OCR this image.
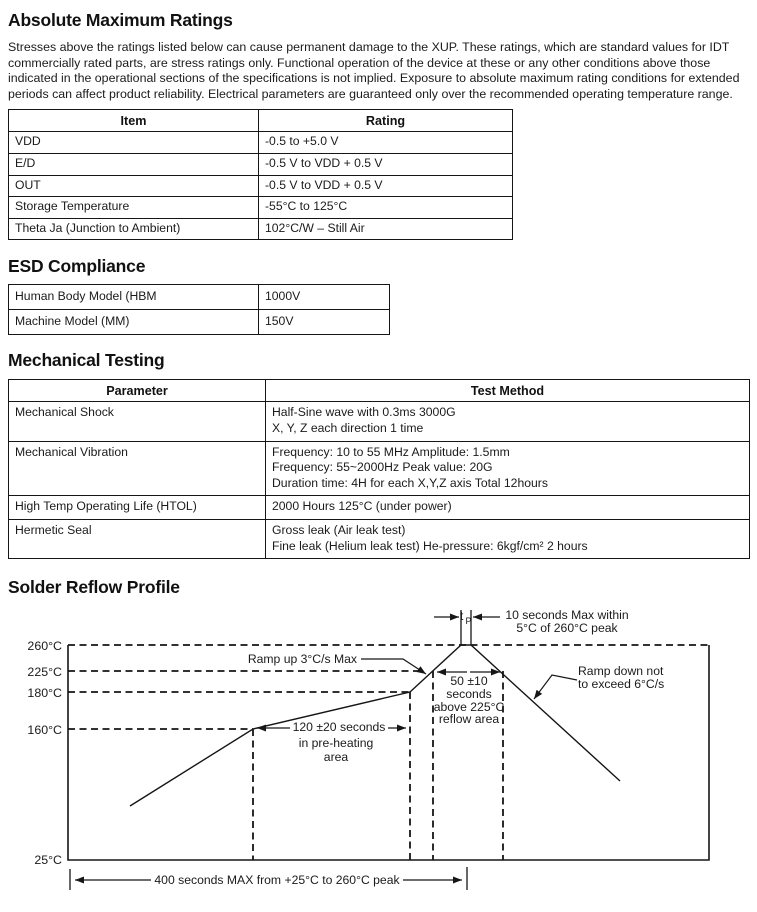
Absolute Maximum Ratings

Stresses above the ratings listed below can cause permanent damage to the XUP. These ratings, which are standard values for IDT commercially rated parts, are stress ratings only. Functional operation of the device at these or any other conditions above those indicated in the operational sections of the specifications is not implied. Exposure to absolute maximum rating conditions for extended periods can affect product reliability. Electrical parameters are guaranteed only over the recommended operating temperature range.

Item	Rating
VDD	-0.5 to +5.0 V
E/D	-0.5 V to VDD + 0.5 V
OUT	-0.5 V to VDD + 0.5 V
Storage Temperature	-55°C to 125°C
Theta Ja (Junction to Ambient)	102°C/W – Still Air
ESD Compliance
Human Body Model (HBM	1000V
Machine Model (MM)	150V
Mechanical Testing
Parameter	Test Method
Mechanical Shock	Half-Sine wave with 0.3ms 3000G
X, Y, Z each direction 1 time

Mechanical Vibration	Frequency: 10 to 55 MHz Amplitude: 1.5mm
Frequency: 55~2000Hz Peak value: 20G
Duration time: 4H for each X,Y,Z axis Total 12hours

High Temp Operating Life (HTOL)	2000 Hours 125°C (under power)

Hermetic Seal	Gross leak (Air leak test)
Fine leak (Helium leak test) He-pressure: 6kgf/cm² 2 hours
Solder Reflow Profile
t P	10 seconds Max within
5°C of 260°C peak
Ramp up 3°C/s Max
Ramp down not
to exceed 6°C/s
50 ±10
seconds
above 225°C
reflow area
120 ±20 seconds
in pre-heating
area
260°C
225°C
180°C
160°C
25°C
400 seconds MAX from +25°C to 260°C peak
